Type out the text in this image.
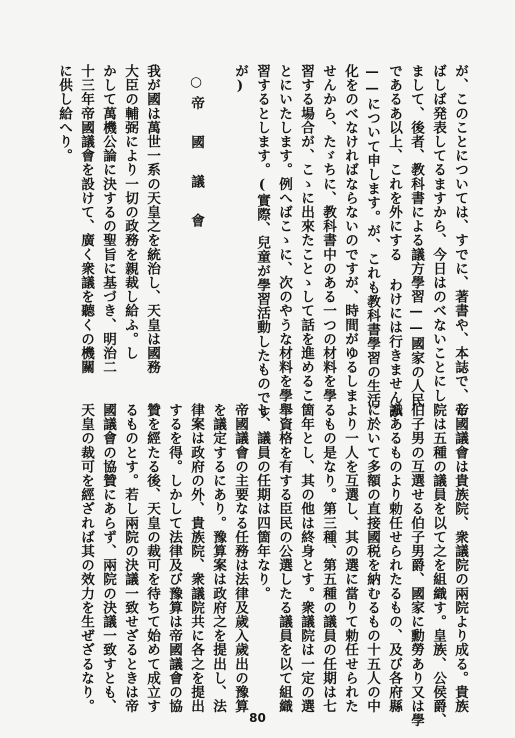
が、このことについては、すでに、著書や、本誌で、し
ばしば発表してるますから、今日はのべないことにし
まして、後者、教科書による議方學習——國家の人民
であるあ以上、これを外にする わけには行きませんか
——について申します。が、これも教科書學習の生活
化をのべなければならないのですが、時間がゆるしま
せんから、たゞちに、教科書中のある一つの材料を學
習する場合が、こゝに出來たことゝして話を進めるこ
とにいたします。例へばこゝに、次のやうな材料を學
習するとします。(實際、兒童が學習活動したものです
が)
○帝　國　議　會
我が國は萬世一系の天皇之を統治し、天皇は國務
大臣の輔弼により一切の政務を親裁し給ふ。し
かして萬機公論に決するの聖旨に基づき、明治二
十三年帝國議會を設けて、廣く衆議を聽くの機關
に供し給へり。
帝國議會は貴族院、衆議院の兩院より成る。貴族
院は五種の議員を以て之を組織す。皇族、公侯爵、
伯子男の互選せる伯子男爵、國家に勳勞あり又は學
識あるものより勅任せられたるもの、及び各府縣
に於いて多額の直接國税を納むるもの十五人の中
より一人を互選し、其の選に當りて勅任せられた
るもの是なり。第三種、第五種の議員の任期は七
箇年とし、其の他は終身とす。衆議院は一定の選
舉資格を有する臣民の公選したる議員を以て組織
し、議員の任期は四箇年なり。
帝國議會の主要なる任務は法律及歲入歲出の豫算
を議定するにあり。豫算案は政府之を提出し、法
律案は政府の外、貴族院、衆議院共に各之を提出
するを得。しかして法律及び豫算は帝國議會の協
贊を經たる後、天皇の裁可を待ちて始めて成立す
るものとす。若し兩院の決議一致せざるときは帝
國議會の協贊にあらず、兩院の決議一致すとも、
天皇の裁可を經ざれば其の效力を生ぜざるなり。
80
